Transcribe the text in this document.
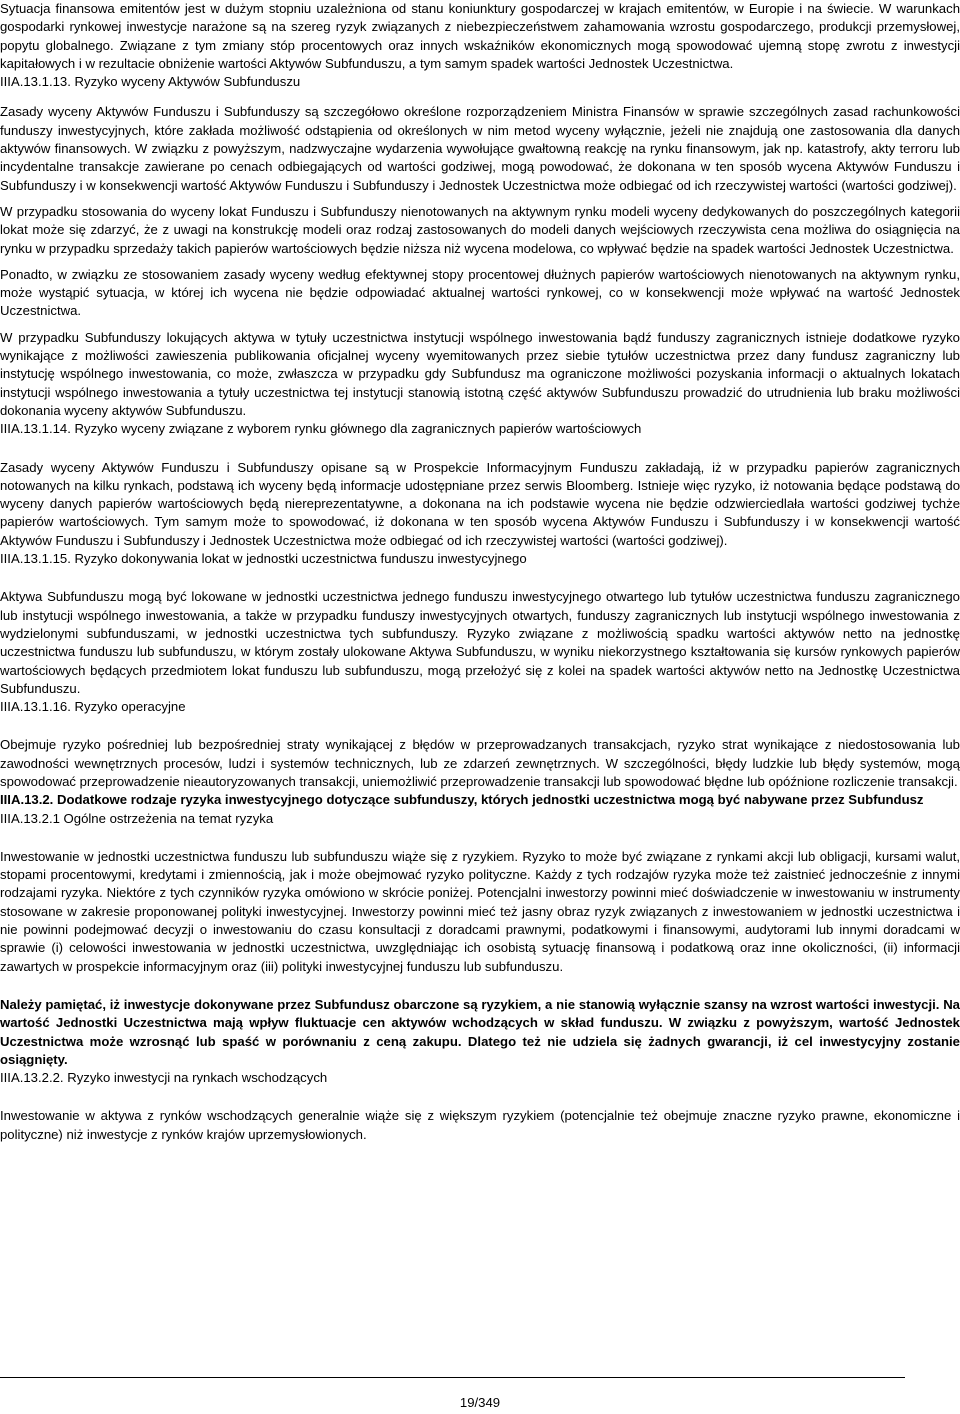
Sytuacja finansowa emitentów jest w dużym stopniu uzależniona od stanu koniunktury gospodarczej w krajach emitentów, w Europie i na świecie. W warunkach gospodarki rynkowej inwestycje narażone są na szereg ryzyk związanych z niebezpieczeństwem zahamowania wzrostu gospodarczego, produkcji przemysłowej, popytu globalnego. Związane z tym zmiany stóp procentowych oraz innych wskaźników ekonomicznych mogą spowodować ujemną stopę zwrotu z inwestycji kapitałowych i w rezultacie obniżenie wartości Aktywów Subfunduszu, a tym samym spadek wartości Jednostek Uczestnictwa.
IIIA.13.1.13. Ryzyko wyceny Aktywów Subfunduszu
Zasady wyceny Aktywów Funduszu i Subfunduszy są szczegółowo określone rozporządzeniem Ministra Finansów w sprawie szczególnych zasad rachunkowości funduszy inwestycyjnych, które zakłada możliwość odstąpienia od określonych w nim metod wyceny wyłącznie, jeżeli nie znajdują one zastosowania dla danych aktywów finansowych. W związku z powyższym, nadzwyczajne wydarzenia wywołujące gwałtowną reakcję na rynku finansowym, jak np. katastrofy, akty terroru lub incydentalne transakcje zawierane po cenach odbiegających od wartości godziwej, mogą powodować, że dokonana w ten sposób wycena Aktywów Funduszu i Subfunduszy i w konsekwencji wartość Aktywów Funduszu i Subfunduszy i Jednostek Uczestnictwa może odbiegać od ich rzeczywistej wartości (wartości godziwej).
W przypadku stosowania do wyceny lokat Funduszu i Subfunduszy nienotowanych na aktywnym rynku modeli wyceny dedykowanych do poszczególnych kategorii lokat może się zdarzyć, że z uwagi na konstrukcję modeli oraz rodzaj zastosowanych do modeli danych wejściowych rzeczywista cena możliwa do osiągnięcia na rynku w przypadku sprzedaży takich papierów wartościowych będzie niższa niż wycena modelowa, co wpływać będzie na spadek wartości Jednostek Uczestnictwa.
Ponadto, w związku ze stosowaniem zasady wyceny według efektywnej stopy procentowej dłużnych papierów wartościowych nienotowanych na aktywnym rynku, może wystąpić sytuacja, w której ich wycena nie będzie odpowiadać aktualnej wartości rynkowej, co w konsekwencji może wpływać na wartość Jednostek Uczestnictwa.
W przypadku Subfunduszy lokujących aktywa w tytuły uczestnictwa instytucji wspólnego inwestowania bądź funduszy zagranicznych istnieje dodatkowe ryzyko wynikające z możliwości zawieszenia publikowania oficjalnej wyceny wyemitowanych przez siebie tytułów uczestnictwa przez dany fundusz zagraniczny lub instytucję wspólnego inwestowania, co może, zwłaszcza w przypadku gdy Subfundusz ma ograniczone możliwości pozyskania informacji o aktualnych lokatach instytucji wspólnego inwestowania a tytuły uczestnictwa tej instytucji stanowią istotną część aktywów Subfunduszu prowadzić do utrudnienia lub braku możliwości dokonania wyceny aktywów Subfunduszu.
IIIA.13.1.14. Ryzyko wyceny związane z wyborem rynku głównego dla zagranicznych papierów wartościowych
Zasady wyceny Aktywów Funduszu i Subfunduszy opisane są w Prospekcie Informacyjnym Funduszu zakładają, iż w przypadku papierów zagranicznych notowanych na kilku rynkach, podstawą ich wyceny będą informacje udostępniane przez serwis Bloomberg. Istnieje więc ryzyko, iż notowania będące podstawą do wyceny danych papierów wartościowych będą niereprezentatywne, a dokonana na ich podstawie wycena nie będzie odzwierciedlała wartości godziwej tychże papierów wartościowych. Tym samym może to spowodować, iż dokonana w ten sposób wycena Aktywów Funduszu i Subfunduszy i w konsekwencji wartość Aktywów Funduszu i Subfunduszy i Jednostek Uczestnictwa może odbiegać od ich rzeczywistej wartości (wartości godziwej).
IIIA.13.1.15. Ryzyko dokonywania lokat w jednostki uczestnictwa funduszu inwestycyjnego
Aktywa Subfunduszu mogą być lokowane w jednostki uczestnictwa jednego funduszu inwestycyjnego otwartego lub tytułów uczestnictwa funduszu zagranicznego lub instytucji wspólnego inwestowania, a także w przypadku funduszy inwestycyjnych otwartych, funduszy zagranicznych lub instytucji wspólnego inwestowania z wydzielonymi subfunduszami, w jednostki uczestnictwa tych subfunduszy. Ryzyko związane z możliwością spadku wartości aktywów netto na jednostkę uczestnictwa funduszu lub subfunduszu, w którym zostały ulokowane Aktywa Subfunduszu, w wyniku niekorzystnego kształtowania się kursów rynkowych papierów wartościowych będących przedmiotem lokat funduszu lub subfunduszu, mogą przełożyć się z kolei na spadek wartości aktywów netto na Jednostkę Uczestnictwa Subfunduszu.
IIIA.13.1.16. Ryzyko operacyjne
Obejmuje ryzyko pośredniej lub bezpośredniej straty wynikającej z błędów w przeprowadzanych transakcjach, ryzyko strat wynikające z niedostosowania lub zawodności wewnętrznych procesów, ludzi i systemów technicznych, lub ze zdarzeń zewnętrznych. W szczególności, błędy ludzkie lub błędy systemów, mogą spowodować przeprowadzenie nieautoryzowanych transakcji, uniemożliwić przeprowadzenie transakcji lub spowodować błędne lub opóźnione rozliczenie transakcji.
IIIA.13.2. Dodatkowe rodzaje ryzyka inwestycyjnego dotyczące subfunduszy, których jednostki uczestnictwa mogą być nabywane przez Subfundusz
IIIA.13.2.1 Ogólne ostrzeżenia na temat ryzyka
Inwestowanie w jednostki uczestnictwa funduszu lub subfunduszu wiąże się z ryzykiem. Ryzyko to może być związane z rynkami akcji lub obligacji, kursami walut, stopami procentowymi, kredytami i zmiennością, jak i może obejmować ryzyko polityczne. Każdy z tych rodzajów ryzyka może też zaistnieć jednocześnie z innymi rodzajami ryzyka. Niektóre z tych czynników ryzyka omówiono w skrócie poniżej. Potencjalni inwestorzy powinni mieć doświadczenie w inwestowaniu w instrumenty stosowane w zakresie proponowanej polityki inwestycyjnej. Inwestorzy powinni mieć też jasny obraz ryzyk związanych z inwestowaniem w jednostki uczestnictwa i nie powinni podejmować decyzji o inwestowaniu do czasu konsultacji z doradcami prawnymi, podatkowymi i finansowymi, audytorami lub innymi doradcami w sprawie (i) celowości inwestowania w jednostki uczestnictwa, uwzględniając ich osobistą sytuację finansową i podatkową oraz inne okoliczności, (ii) informacji zawartych w prospekcie informacyjnym oraz (iii) polityki inwestycyjnej funduszu lub subfunduszu.
Należy pamiętać, iż inwestycje dokonywane przez Subfundusz obarczone są ryzykiem, a nie stanowią wyłącznie szansy na wzrost wartości inwestycji. Na wartość Jednostki Uczestnictwa mają wpływ fluktuacje cen aktywów wchodzących w skład funduszu. W związku z powyższym, wartość Jednostek Uczestnictwa może wzrosnąć lub spaść w porównaniu z ceną zakupu. Dlatego też nie udziela się żadnych gwarancji, iż cel inwestycyjny zostanie osiągnięty.
IIIA.13.2.2. Ryzyko inwestycji na rynkach wschodzących
Inwestowanie w aktywa z rynków wschodzących generalnie wiąże się z większym ryzykiem (potencjalnie też obejmuje znaczne ryzyko prawne, ekonomiczne i polityczne) niż inwestycje z rynków krajów uprzemysłowionych.
19/349
